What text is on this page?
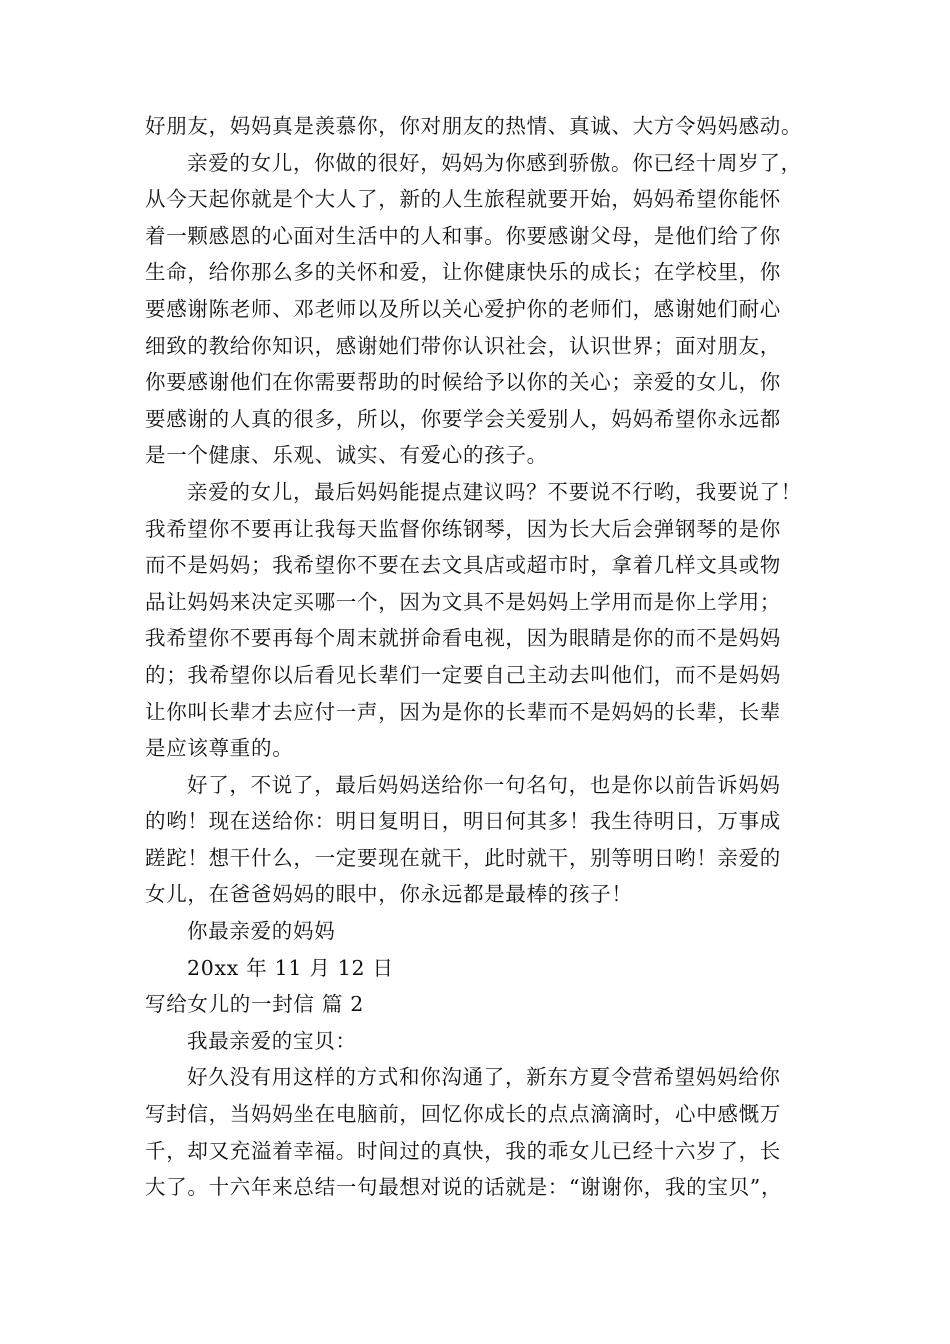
好朋友，妈妈真是羡慕你，你对朋友的热情、真诚、大方令妈妈感动。
亲爱的女儿，你做的很好，妈妈为你感到骄傲。你已经十周岁了，
从今天起你就是个大人了，新的人生旅程就要开始，妈妈希望你能怀
着一颗感恩的心面对生活中的人和事。你要感谢父母，是他们给了你
生命，给你那么多的关怀和爱，让你健康快乐的成长；在学校里，你
要感谢陈老师、邓老师以及所以关心爱护你的老师们，感谢她们耐心
细致的教给你知识，感谢她们带你认识社会，认识世界；面对朋友，
你要感谢他们在你需要帮助的时候给予以你的关心；亲爱的女儿，你
要感谢的人真的很多，所以，你要学会关爱别人，妈妈希望你永远都
是一个健康、乐观、诚实、有爱心的孩子。
亲爱的女儿，最后妈妈能提点建议吗？不要说不行哟，我要说了！
我希望你不要再让我每天监督你练钢琴，因为长大后会弹钢琴的是你
而不是妈妈；我希望你不要在去文具店或超市时，拿着几样文具或物
品让妈妈来决定买哪一个，因为文具不是妈妈上学用而是你上学用；
我希望你不要再每个周末就拼命看电视，因为眼睛是你的而不是妈妈
的；我希望你以后看见长辈们一定要自己主动去叫他们，而不是妈妈
让你叫长辈才去应付一声，因为是你的长辈而不是妈妈的长辈，长辈
是应该尊重的。
好了，不说了，最后妈妈送给你一句名句，也是你以前告诉妈妈
的哟！现在送给你：明日复明日，明日何其多！我生待明日，万事成
蹉跎！想干什么，一定要现在就干，此时就干，别等明日哟！亲爱的
女儿，在爸爸妈妈的眼中，你永远都是最棒的孩子！
你最亲爱的妈妈
20xx 年 11 月 12 日
写给女儿的一封信 篇 2
我最亲爱的宝贝：
好久没有用这样的方式和你沟通了，新东方夏令营希望妈妈给你
写封信，当妈妈坐在电脑前，回忆你成长的点点滴滴时，心中感慨万
千，却又充溢着幸福。时间过的真快，我的乖女儿已经十六岁了，长
大了。十六年来总结一句最想对说的话就是：“谢谢你，我的宝贝”，
